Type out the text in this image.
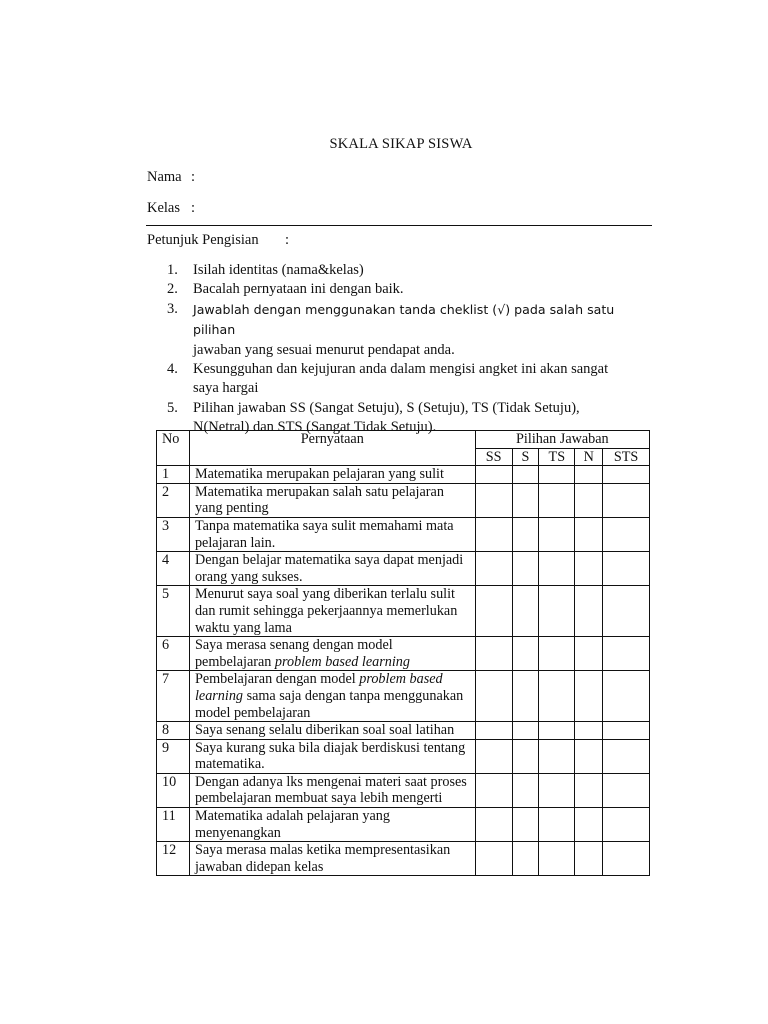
SKALA SIKAP SISWA
Nama :
Kelas :
Petunjuk Pengisian :
1. Isilah identitas (nama&kelas)
2. Bacalah pernyataan ini dengan baik.
3. Jawablah dengan menggunakan tanda cheklist (√) pada salah satu pilihan
jawaban yang sesuai menurut pendapat anda.
4. Kesungguhan dan kejujuran anda dalam mengisi angket ini akan sangat
saya hargai
5. Pilihan jawaban SS (Sangat Setuju), S (Setuju), TS (Tidak Setuju),
N(Netral) dan STS (Sangat Tidak Setuju).
No	Pernyataan	Pilihan Jawaban				
		SS	S	TS	N	STS
1	Matematika merupakan pelajaran yang sulit					
2	Matematika merupakan salah satu pelajaran yang penting					
3	Tanpa matematika saya sulit memahami mata pelajaran lain.					
4	Dengan belajar matematika saya dapat menjadi orang yang sukses.					
5	Menurut saya soal yang diberikan terlalu sulit dan rumit sehingga pekerjaannya memerlukan waktu yang lama					
6	Saya merasa senang dengan model pembelajaran problem based learning					
7	Pembelajaran dengan model problem based learning sama saja dengan tanpa menggunakan model pembelajaran					
8	Saya senang selalu diberikan soal soal latihan					
9	Saya kurang suka bila diajak berdiskusi tentang matematika.					
10	Dengan adanya lks mengenai materi saat proses pembelajaran membuat saya lebih mengerti					
11	Matematika adalah pelajaran yang menyenangkan					
12	Saya merasa malas ketika mempresentasikan jawaban didepan kelas					
